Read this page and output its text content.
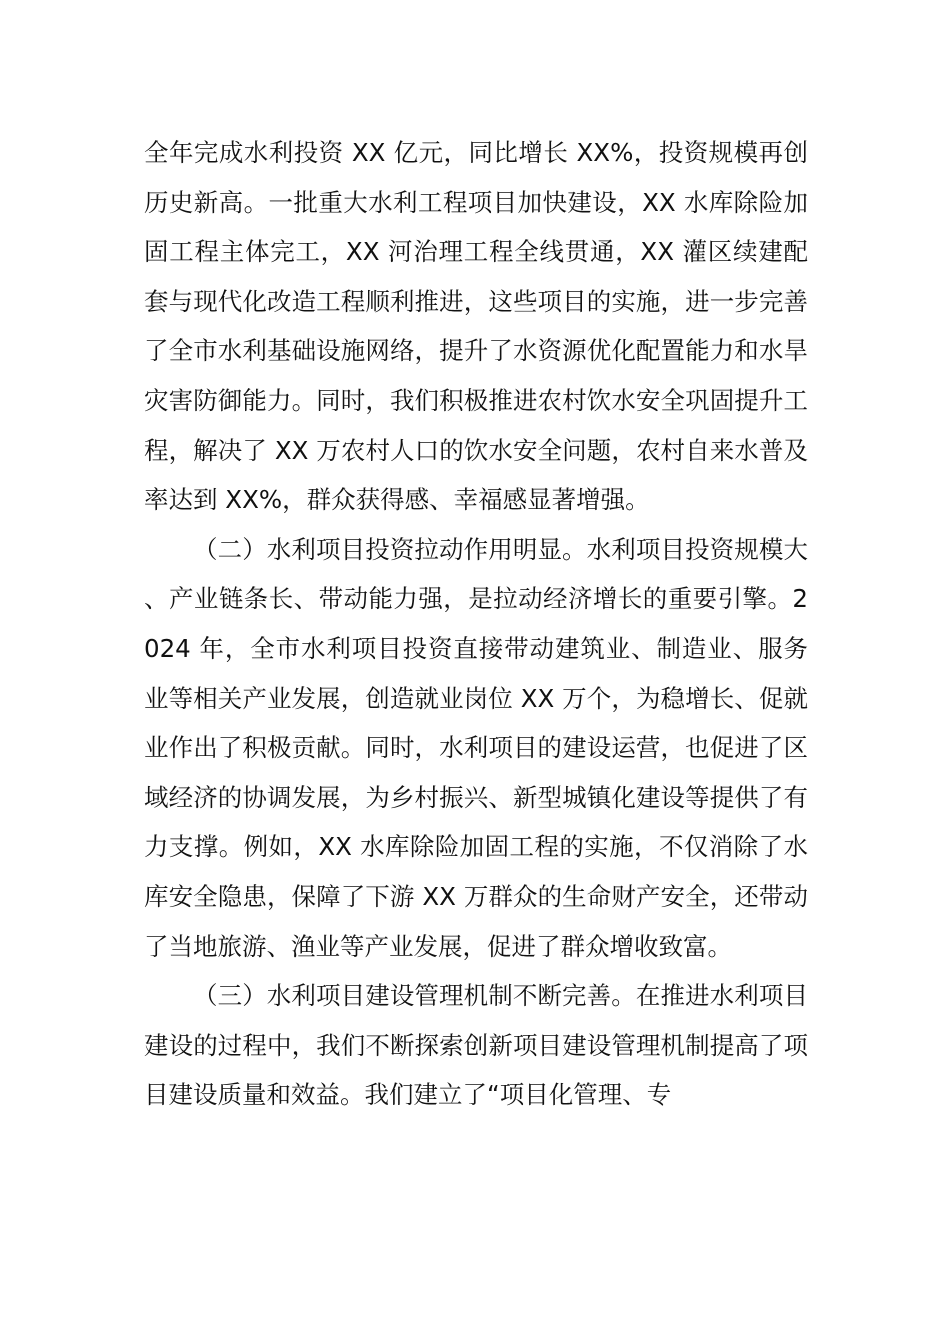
全年完成水利投资 XX 亿元，同比增长 XX%，投资规模再创历史新高。一批重大水利工程项目加快建设，XX 水库除险加固工程主体完工，XX 河治理工程全线贯通，XX 灌区续建配套与现代化改造工程顺利推进，这些项目的实施，进一步完善了全市水利基础设施网络，提升了水资源优化配置能力和水旱灾害防御能力。同时，我们积极推进农村饮水安全巩固提升工程，解决了 XX 万农村人口的饮水安全问题，农村自来水普及率达到 XX%，群众获得感、幸福感显著增强。

（二）水利项目投资拉动作用明显。水利项目投资规模大、产业链条长、带动能力强，是拉动经济增长的重要引擎。2024 年，全市水利项目投资直接带动建筑业、制造业、服务业等相关产业发展，创造就业岗位 XX 万个，为稳增长、促就业作出了积极贡献。同时，水利项目的建设运营，也促进了区域经济的协调发展，为乡村振兴、新型城镇化建设等提供了有力支撑。例如，XX 水库除险加固工程的实施，不仅消除了水库安全隐患，保障了下游 XX 万群众的生命财产安全，还带动了当地旅游、渔业等产业发展，促进了群众增收致富。

（三）水利项目建设管理机制不断完善。在推进水利项目建设的过程中，我们不断探索创新项目建设管理机制提高了项目建设质量和效益。我们建立了“项目化管理、专
